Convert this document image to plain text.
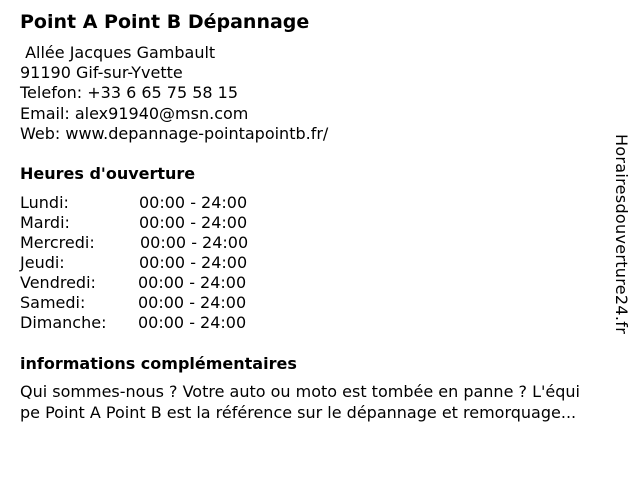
Point A Point B Dépannage
Allée Jacques Gambault
91190 Gif-sur-Yvette
Telefon: +33 6 65 75 58 15
Email: alex91940@msn.com
Web: www.depannage-pointapointb.fr/
Heures d'ouverture
Lundi:	00:00 - 24:00
Mardi:	00:00 - 24:00
Mercredi:	00:00 - 24:00
Jeudi:	00:00 - 24:00
Vendredi:	00:00 - 24:00
Samedi:	00:00 - 24:00
Dimanche: 00:00 - 24:00
informations complémentaires
Qui sommes-nous ? Votre auto ou moto est tombée en panne ? L'équi
pe Point A Point B est la référence sur le dépannage et remorquage...
Horairesdouverture24.fr
